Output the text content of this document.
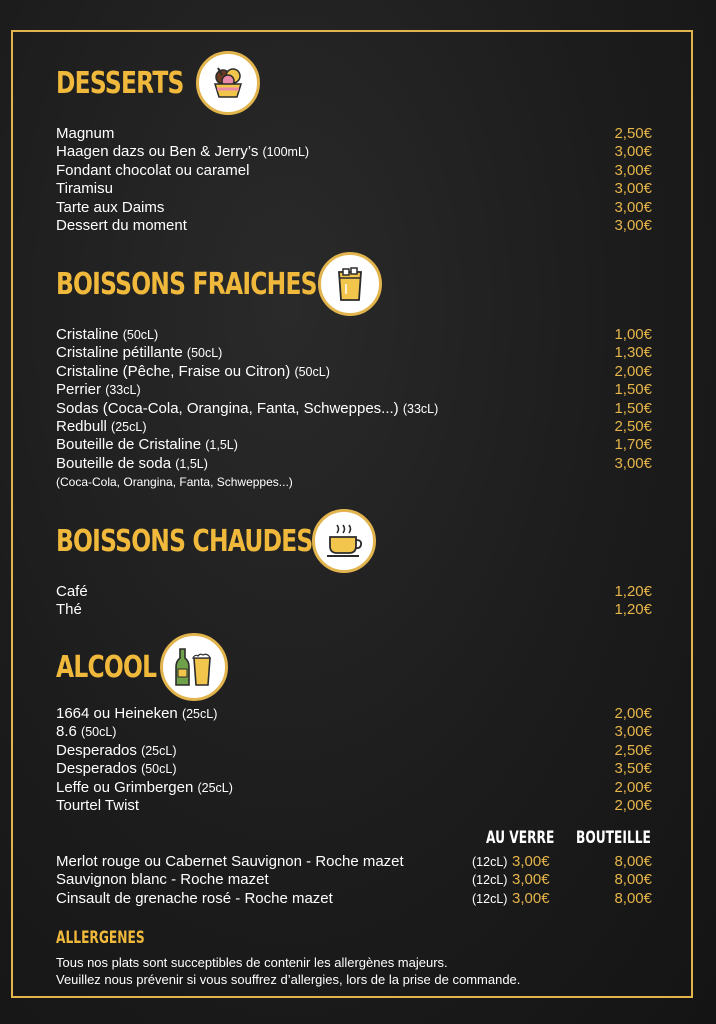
DESSERTS
Magnum	2,50€
Haagen dazs ou Ben & Jerry’s (100mL)	3,00€
Fondant chocolat ou caramel	3,00€
Tiramisu	3,00€
Tarte aux Daims	3,00€
Dessert du moment	3,00€
BOISSONS FRAICHES
Cristaline (50cL)	1,00€
Cristaline pétillante (50cL)	1,30€
Cristaline (Pêche, Fraise ou Citron) (50cL)	2,00€
Perrier (33cL)	1,50€
Sodas (Coca-Cola, Orangina, Fanta, Schweppes...) (33cL)	1,50€
Redbull (25cL)	2,50€
Bouteille de Cristaline (1,5L)	1,70€
Bouteille de soda (1,5L)	3,00€
(Coca-Cola, Orangina, Fanta, Schweppes...)
BOISSONS CHAUDES
Café	1,20€
Thé	1,20€
ALCOOL
1664 ou Heineken (25cL)	2,00€
8.6 (50cL)	3,00€
Desperados (25cL)	2,50€
Desperados (50cL)	3,50€
Leffe ou Grimbergen (25cL)	2,00€
Tourtel Twist	2,00€
AU VERRE BOUTEILLE
Merlot rouge ou Cabernet Sauvignon - Roche mazet	(12cL) 3,00€	8,00€
Sauvignon blanc - Roche mazet	(12cL) 3,00€	8,00€
Cinsault de grenache rosé - Roche mazet	(12cL) 3,00€	8,00€
ALLERGENES
Tous nos plats sont succeptibles de contenir les allergènes majeurs.
Veuillez nous prévenir si vous souffrez d’allergies, lors de la prise de commande.
